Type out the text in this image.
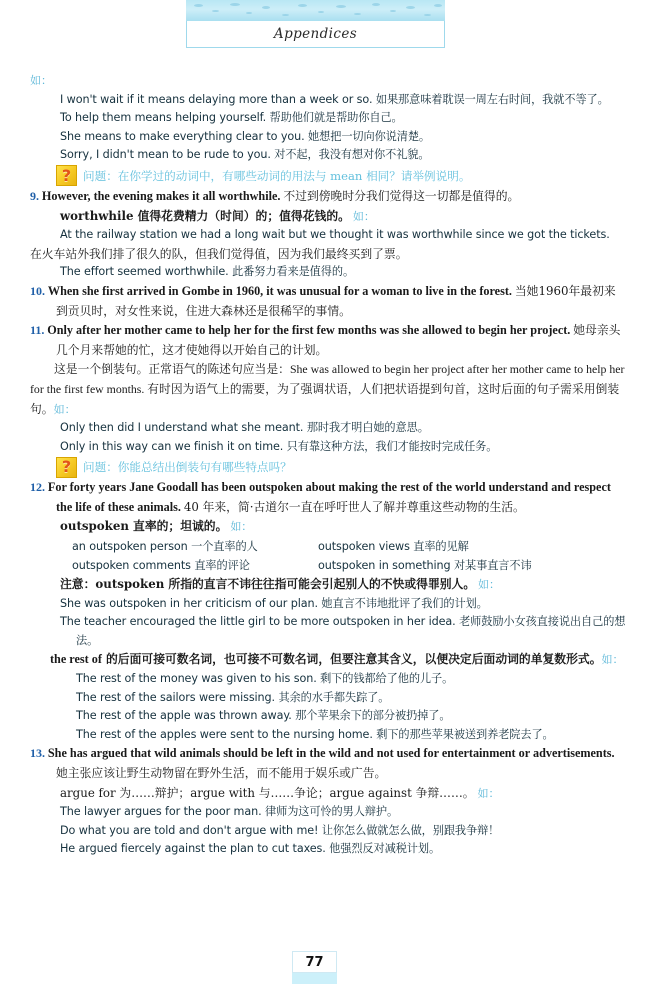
Appendices
如：
I won't wait if it means delaying more than a week or so. 如果那意味着耽误一周左右时间，我就不等了。
To help them means helping yourself. 帮助他们就是帮助你自己。
She means to make everything clear to you. 她想把一切向你说清楚。
Sorry, I didn't mean to be rude to you. 对不起，我没有想对你不礼貌。
?	问题：在你学过的动词中，有哪些动词的用法与 mean 相同？请举例说明。
9. However, the evening makes it all worthwhile. 不过到傍晚时分我们觉得这一切都是值得的。
worthwhile 值得花费精力（时间）的；值得花钱的。 如：
At the railway station we had a long wait but we thought it was worthwhile since we got the tickets.
在火车站外我们排了很久的队，但我们觉得值，因为我们最终买到了票。
The effort seemed worthwhile. 此番努力看来是值得的。
10. When she first arrived in Gombe in 1960, it was unusual for a woman to live in the forest. 当她1960年最初来到贡贝时，对女性来说，住进大森林还是很稀罕的事情。
11. Only after her mother came to help her for the first few months was she allowed to begin her project. 她母亲头几个月来帮她的忙，这才使她得以开始自己的计划。
这是一个倒装句。正常语气的陈述句应当是：She was allowed to begin her project after her mother came to help her for the first few months. 有时因为语气上的需要，为了强调状语，人们把状语提到句首，这时后面的句子需采用倒装句。如：
Only then did I understand what she meant. 那时我才明白她的意思。
Only in this way can we finish it on time. 只有靠这种方法，我们才能按时完成任务。
?	问题：你能总结出倒装句有哪些特点吗？
12. For forty years Jane Goodall has been outspoken about making the rest of the world understand and respect the life of these animals. 40 年来，简·古道尔一直在呼吁世人了解并尊重这些动物的生活。
outspoken 直率的；坦诚的。 如：
an outspoken person 一个直率的人	outspoken views 直率的见解
outspoken comments 直率的评论	outspoken in something 对某事直言不讳
注意：outspoken 所指的直言不讳往往指可能会引起别人的不快或得罪别人。 如：
She was outspoken in her criticism of our plan. 她直言不讳地批评了我们的计划。
The teacher encouraged the little girl to be more outspoken in her idea. 老师鼓励小女孩直接说出自己的想法。
the rest of 的后面可接可数名词，也可接不可数名词，但要注意其含义，以便决定后面动词的单复数形式。如：
The rest of the money was given to his son. 剩下的钱都给了他的儿子。
The rest of the sailors were missing. 其余的水手都失踪了。
The rest of the apple was thrown away. 那个苹果余下的部分被扔掉了。
The rest of the apples were sent to the nursing home. 剩下的那些苹果被送到养老院去了。
13. She has argued that wild animals should be left in the wild and not used for entertainment or advertisements. 她主张应该让野生动物留在野外生活，而不能用于娱乐或广告。
argue for 为……辩护；argue with 与……争论；argue against 争辩……。 如：
The lawyer argues for the poor man. 律师为这可怜的男人辩护。
Do what you are told and don't argue with me! 让你怎么做就怎么做，别跟我争辩！
He argued fiercely against the plan to cut taxes. 他强烈反对减税计划。
77
